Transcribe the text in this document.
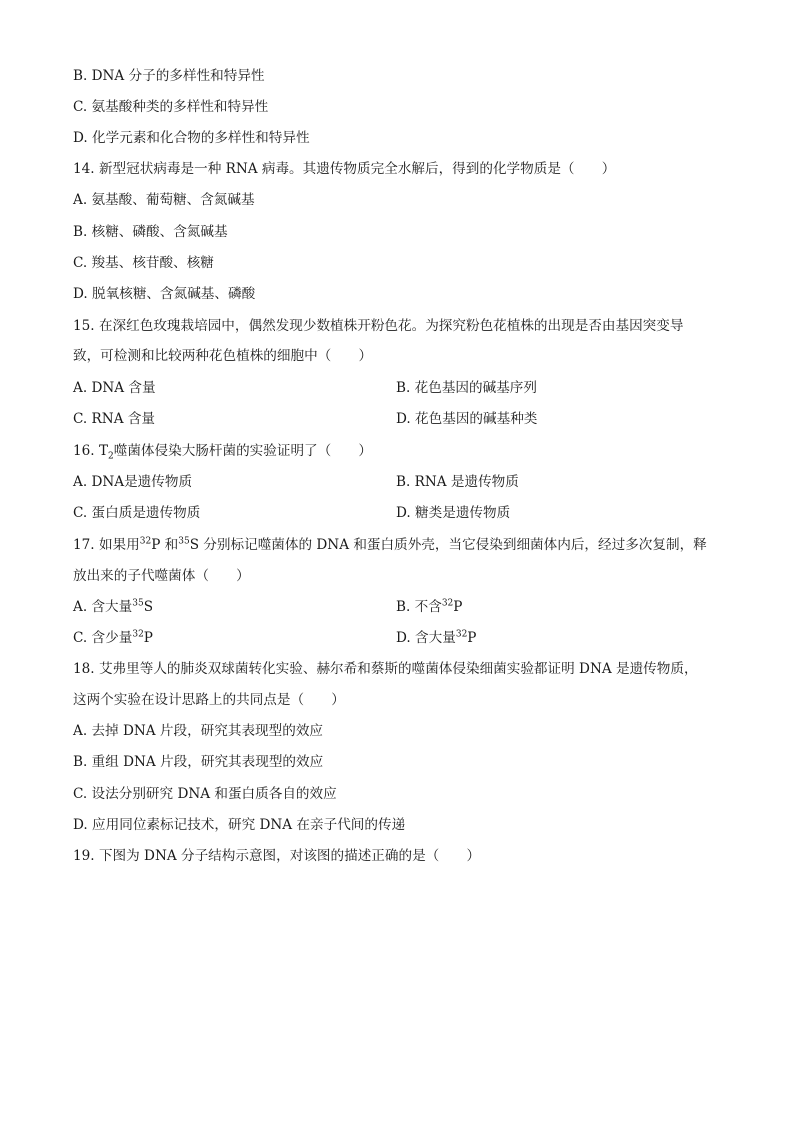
B. DNA 分子的多样性和特异性
C. 氨基酸种类的多样性和特异性
D. 化学元素和化合物的多样性和特异性
14. 新型冠状病毒是一种 RNA 病毒。其遗传物质完全水解后，得到的化学物质是（　　）
A. 氨基酸、葡萄糖、含氮碱基
B. 核糖、磷酸、含氮碱基
C. 羧基、核苷酸、核糖
D. 脱氧核糖、含氮碱基、磷酸
15. 在深红色玫瑰栽培园中，偶然发现少数植株开粉色花。为探究粉色花植株的出现是否由基因突变导
致，可检测和比较两种花色植株的细胞中（　　）
A. DNA 含量	B. 花色基因的碱基序列
C. RNA 含量	D. 花色基因的碱基种类
16. $T_2$噬菌体侵染大肠杆菌的实验证明了（　　）
A. DNA是遗传物质	B. RNA 是遗传物质
C. 蛋白质是遗传物质	D. 糖类是遗传物质
17. 如果用$^{32}$P 和$^{35}$S 分别标记噬菌体的 DNA 和蛋白质外壳，当它侵染到细菌体内后，经过多次复制，释
放出来的子代噬菌体（　　）
A. 含大量$^{35}$S	B. 不含$^{32}$P
C. 含少量$^{32}$P	D. 含大量$^{32}$P
18. 艾弗里等人的肺炎双球菌转化实验、赫尔希和蔡斯的噬菌体侵染细菌实验都证明 DNA 是遗传物质，
这两个实验在设计思路上的共同点是（　　）
A. 去掉 DNA 片段，研究其表现型的效应
B. 重组 DNA 片段，研究其表现型的效应
C. 设法分别研究 DNA 和蛋白质各自的效应
D. 应用同位素标记技术，研究 DNA 在亲子代间的传递
19. 下图为 DNA 分子结构示意图，对该图的描述正确的是（　　）
